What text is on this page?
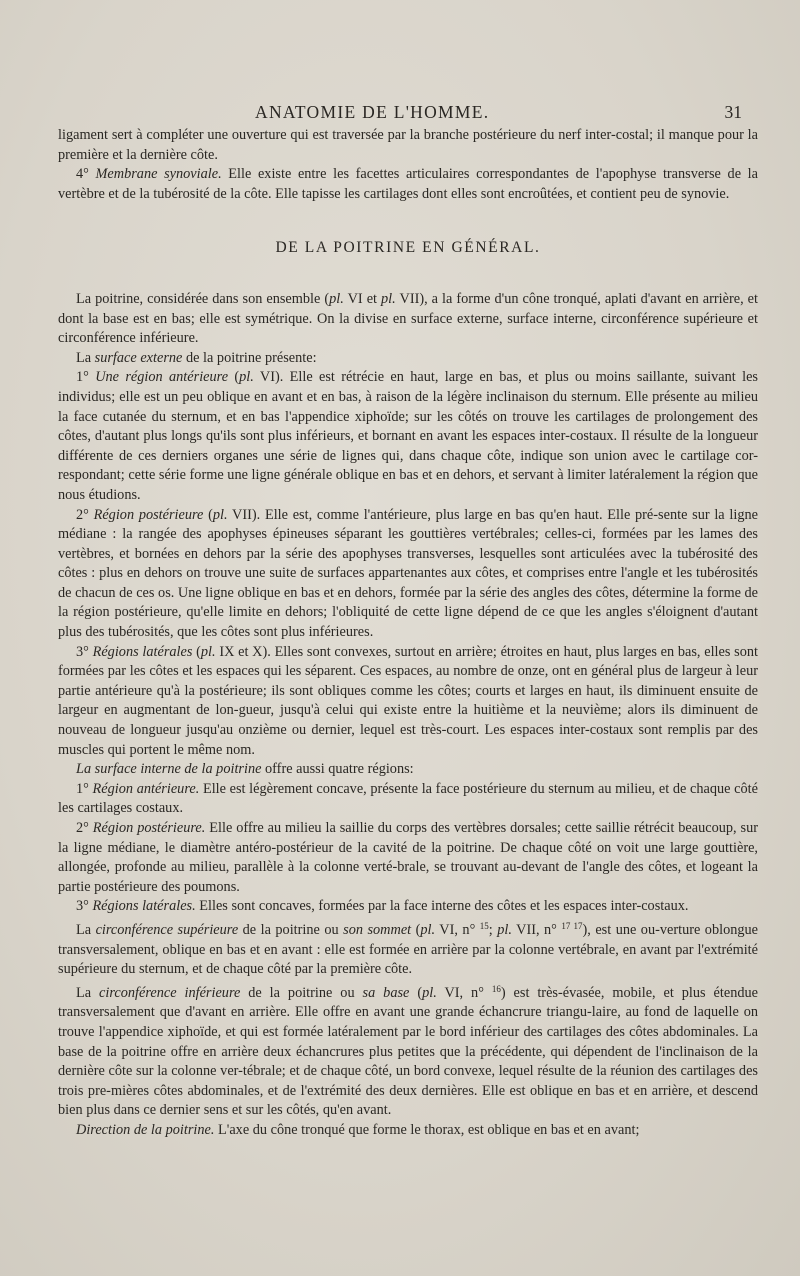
ANATOMIE DE L'HOMME.	31

ligament sert à compléter une ouverture qui est traversée par la branche postérieure du nerf inter-costal; il manque pour la première et la dernière côte.

4° Membrane synoviale. Elle existe entre les facettes articulaires correspondantes de l'apophyse transverse de la vertèbre et de la tubérosité de la côte. Elle tapisse les cartilages dont elles sont encroûtées, et contient peu de synovie.

DE LA POITRINE EN GÉNÉRAL.

La poitrine, considérée dans son ensemble (pl. VI et pl. VII), a la forme d'un cône tronqué, aplati d'avant en arrière, et dont la base est en bas; elle est symétrique. On la divise en surface externe, surface interne, circonférence supérieure et circonférence inférieure.

La surface externe de la poitrine présente:

1° Une région antérieure (pl. VI). Elle est rétrécie en haut, large en bas, et plus ou moins saillante, suivant les individus; elle est un peu oblique en avant et en bas, à raison de la légère inclinaison du sternum. Elle présente au milieu la face cutanée du sternum, et en bas l'appendice xiphoïde; sur les côtés on trouve les cartilages de prolongement des côtes, d'autant plus longs qu'ils sont plus inférieurs, et bornant en avant les espaces inter-costaux. Il résulte de la longueur différente de ces derniers organes une série de lignes qui, dans chaque côte, indique son union avec le cartilage cor-respondant; cette série forme une ligne générale oblique en bas et en dehors, et servant à limiter latéralement la région que nous étudions.

2° Région postérieure (pl. VII). Elle est, comme l'antérieure, plus large en bas qu'en haut. Elle pré-sente sur la ligne médiane : la rangée des apophyses épineuses séparant les gouttières vertébrales; celles-ci, formées par les lames des vertèbres, et bornées en dehors par la série des apophyses transverses, lesquelles sont articulées avec la tubérosité des côtes : plus en dehors on trouve une suite de surfaces appartenantes aux côtes, et comprises entre l'angle et les tubérosités de chacun de ces os. Une ligne oblique en bas et en dehors, formée par la série des angles des côtes, détermine la forme de la région postérieure, qu'elle limite en dehors; l'obliquité de cette ligne dépend de ce que les angles s'éloignent d'autant plus des tubérosités, que les côtes sont plus inférieures.

3° Régions latérales (pl. IX et X). Elles sont convexes, surtout en arrière; étroites en haut, plus larges en bas, elles sont formées par les côtes et les espaces qui les séparent. Ces espaces, au nombre de onze, ont en général plus de largeur à leur partie antérieure qu'à la postérieure; ils sont obliques comme les côtes; courts et larges en haut, ils diminuent ensuite de largeur en augmentant de lon-gueur, jusqu'à celui qui existe entre la huitième et la neuvième; alors ils diminuent de nouveau de longueur jusqu'au onzième ou dernier, lequel est très-court. Les espaces inter-costaux sont remplis par des muscles qui portent le même nom.

La surface interne de la poitrine offre aussi quatre régions:

1° Région antérieure. Elle est légèrement concave, présente la face postérieure du sternum au milieu, et de chaque côté les cartilages costaux.

2° Région postérieure. Elle offre au milieu la saillie du corps des vertèbres dorsales; cette saillie rétrécit beaucoup, sur la ligne médiane, le diamètre antéro-postérieur de la cavité de la poitrine. De chaque côté on voit une large gouttière, allongée, profonde au milieu, parallèle à la colonne verté-brale, se trouvant au-devant de l'angle des côtes, et logeant la partie postérieure des poumons.

3° Régions latérales. Elles sont concaves, formées par la face interne des côtes et les espaces inter-costaux.

La circonférence supérieure de la poitrine ou son sommet (pl. VI, n° $^{15}$; pl. VII, n° $^{17 17}$), est une ou-verture oblongue transversalement, oblique en bas et en avant : elle est formée en arrière par la colonne vertébrale, en avant par l'extrémité supérieure du sternum, et de chaque côté par la première côte.

La circonférence inférieure de la poitrine ou sa base (pl. VI, n° $^{16}$) est très-évasée, mobile, et plus étendue transversalement que d'avant en arrière. Elle offre en avant une grande échancrure triangu-laire, au fond de laquelle on trouve l'appendice xiphoïde, et qui est formée latéralement par le bord inférieur des cartilages des côtes abdominales. La base de la poitrine offre en arrière deux échancrures plus petites que la précédente, qui dépendent de l'inclinaison de la dernière côte sur la colonne ver-tébrale; et de chaque côté, un bord convexe, lequel résulte de la réunion des cartilages des trois pre-mières côtes abdominales, et de l'extrémité des deux dernières. Elle est oblique en bas et en arrière, et descend bien plus dans ce dernier sens et sur les côtés, qu'en avant.

Direction de la poitrine. L'axe du cône tronqué que forme le thorax, est oblique en bas et en avant;
